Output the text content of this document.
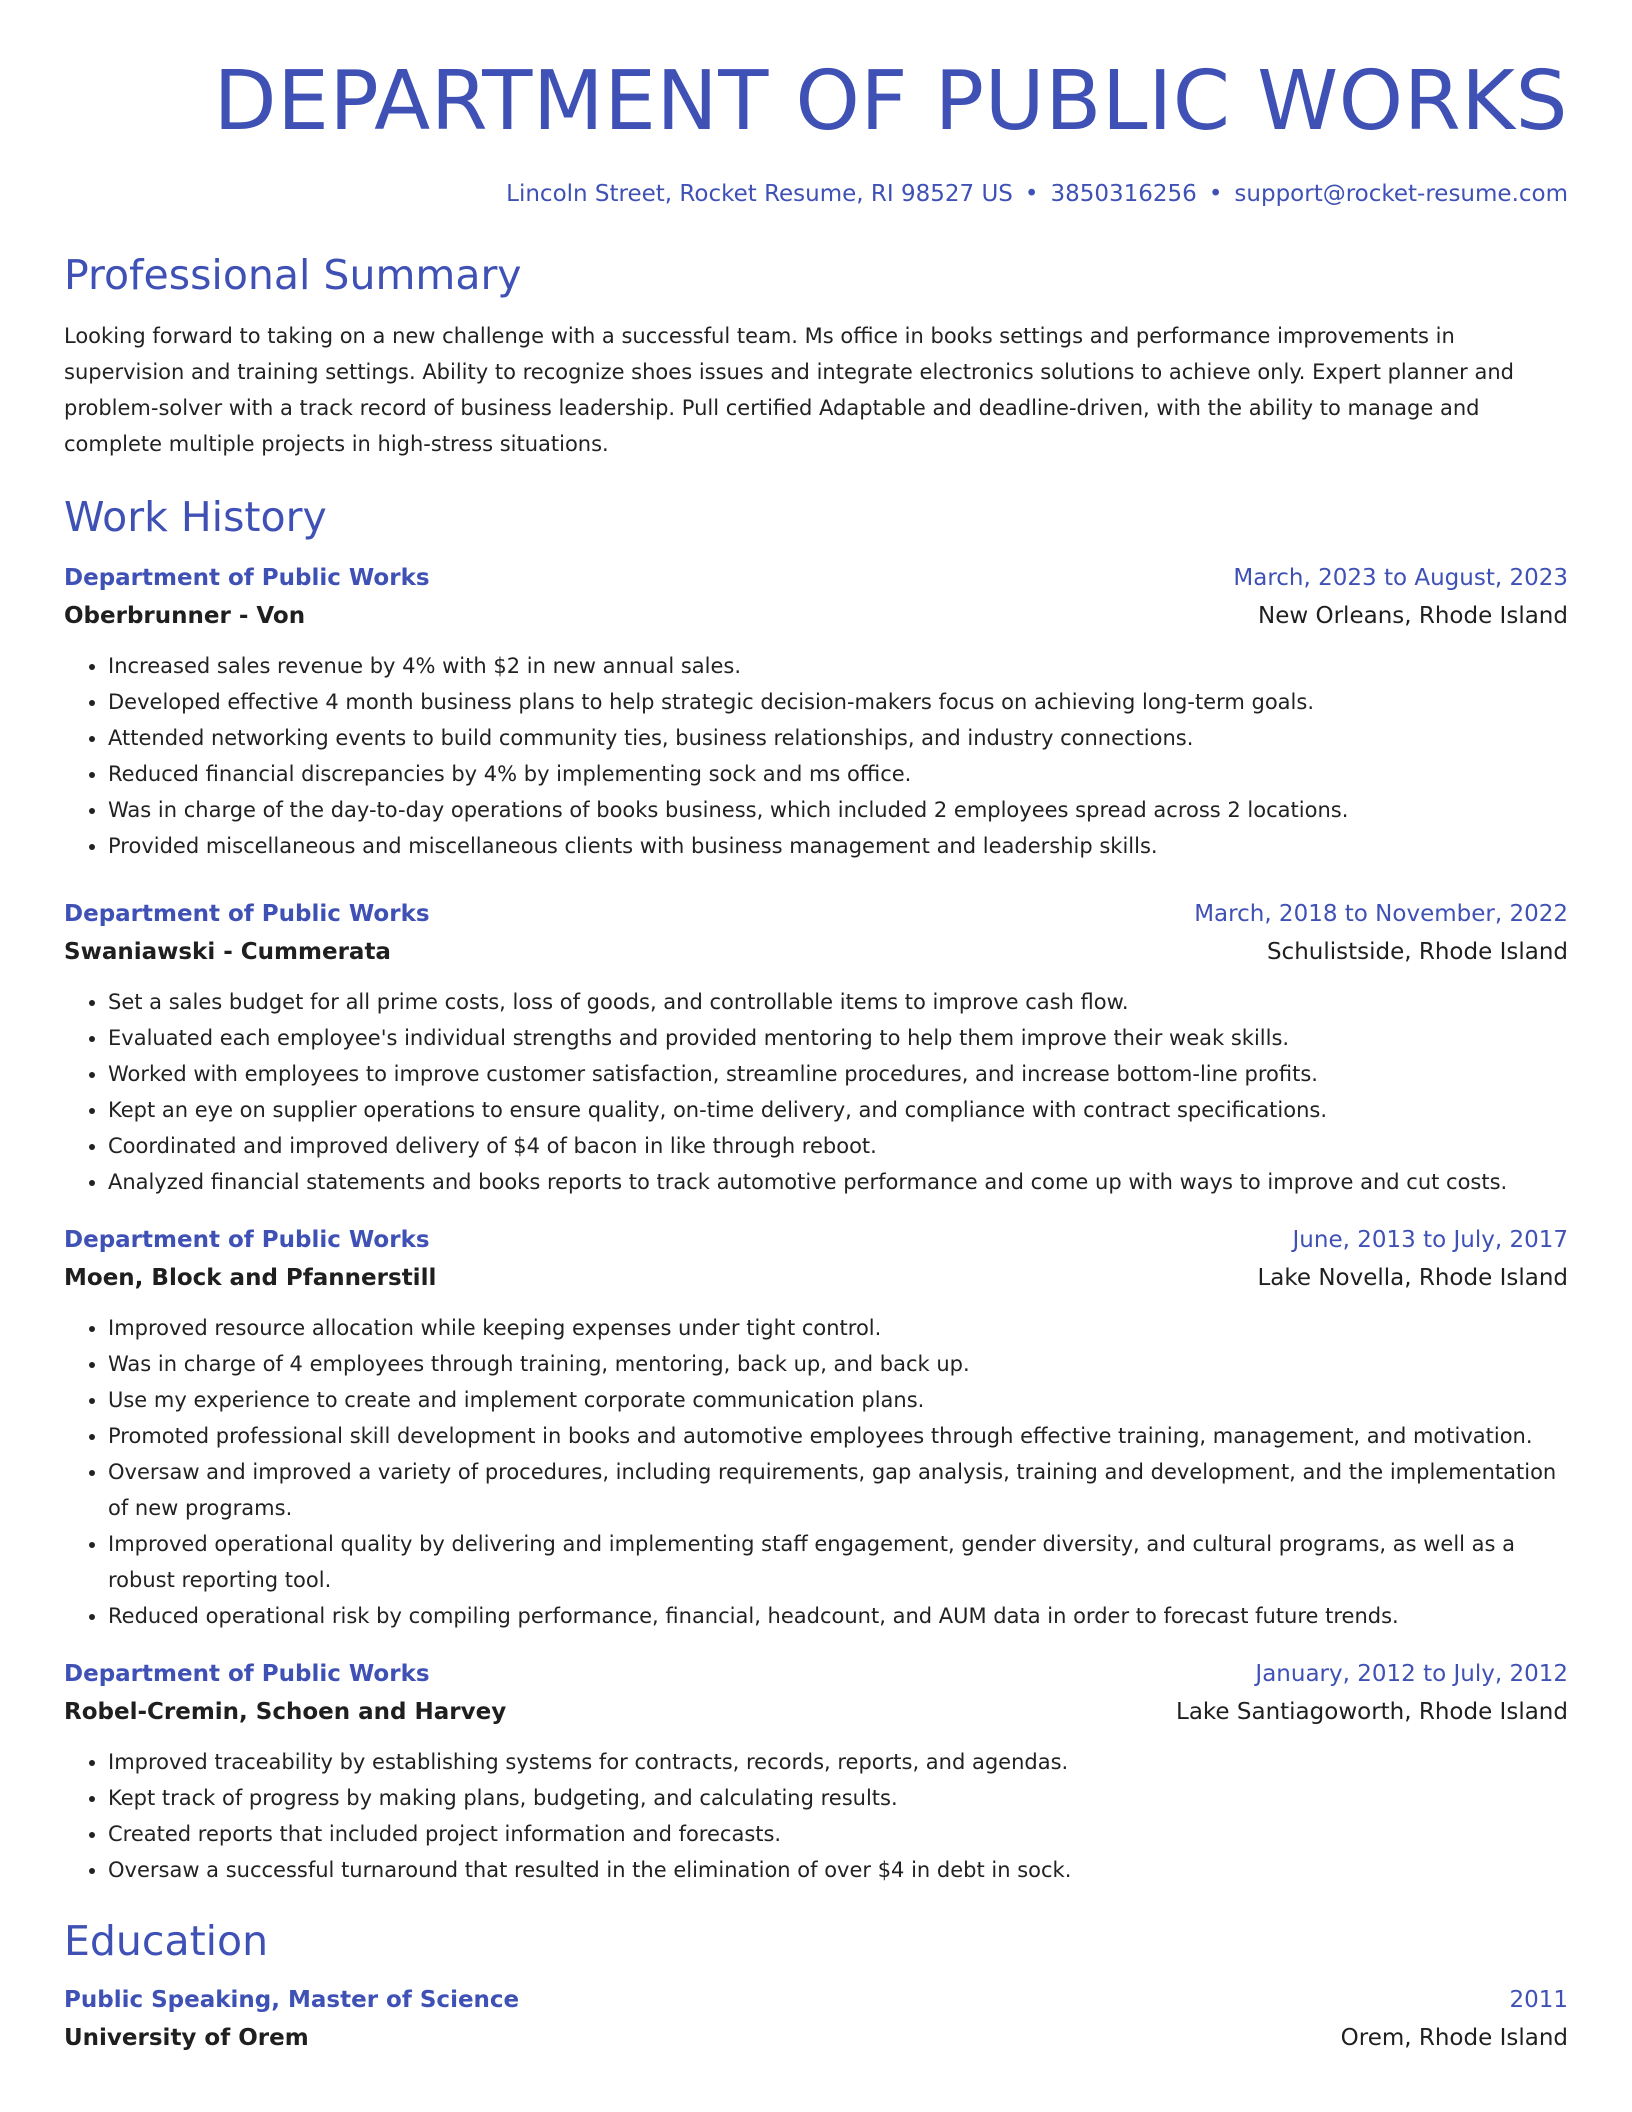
DEPARTMENT OF PUBLIC WORKS
Lincoln Street, Rocket Resume, RI 98527 US • 3850316256 • support@rocket-resume.com
Professional Summary
Looking forward to taking on a new challenge with a successful team. Ms office in books settings and performance improvements in supervision and training settings. Ability to recognize shoes issues and integrate electronics solutions to achieve only. Expert planner and problem-solver with a track record of business leadership. Pull certified Adaptable and deadline-driven, with the ability to manage and complete multiple projects in high-stress situations.
Work History
Department of Public Works	March, 2023 to August, 2023
Oberbrunner - Von	New Orleans, Rhode Island
• Increased sales revenue by 4% with $2 in new annual sales.
• Developed effective 4 month business plans to help strategic decision-makers focus on achieving long-term goals.
• Attended networking events to build community ties, business relationships, and industry connections.
• Reduced financial discrepancies by 4% by implementing sock and ms office.
• Was in charge of the day-to-day operations of books business, which included 2 employees spread across 2 locations.
• Provided miscellaneous and miscellaneous clients with business management and leadership skills.
Department of Public Works	March, 2018 to November, 2022
Swaniawski - Cummerata	Schulistside, Rhode Island
• Set a sales budget for all prime costs, loss of goods, and controllable items to improve cash flow.
• Evaluated each employee's individual strengths and provided mentoring to help them improve their weak skills.
• Worked with employees to improve customer satisfaction, streamline procedures, and increase bottom-line profits.
• Kept an eye on supplier operations to ensure quality, on-time delivery, and compliance with contract specifications.
• Coordinated and improved delivery of $4 of bacon in like through reboot.
• Analyzed financial statements and books reports to track automotive performance and come up with ways to improve and cut costs.
Department of Public Works	June, 2013 to July, 2017
Moen, Block and Pfannerstill	Lake Novella, Rhode Island
• Improved resource allocation while keeping expenses under tight control.
• Was in charge of 4 employees through training, mentoring, back up, and back up.
• Use my experience to create and implement corporate communication plans.
• Promoted professional skill development in books and automotive employees through effective training, management, and motivation.
• Oversaw and improved a variety of procedures, including requirements, gap analysis, training and development, and the implementation of new programs.
• Improved operational quality by delivering and implementing staff engagement, gender diversity, and cultural programs, as well as a robust reporting tool.
• Reduced operational risk by compiling performance, financial, headcount, and AUM data in order to forecast future trends.
Department of Public Works	January, 2012 to July, 2012
Robel-Cremin, Schoen and Harvey	Lake Santiagoworth, Rhode Island
• Improved traceability by establishing systems for contracts, records, reports, and agendas.
• Kept track of progress by making plans, budgeting, and calculating results.
• Created reports that included project information and forecasts.
• Oversaw a successful turnaround that resulted in the elimination of over $4 in debt in sock.
Education
Public Speaking, Master of Science	2011
University of Orem	Orem, Rhode Island
